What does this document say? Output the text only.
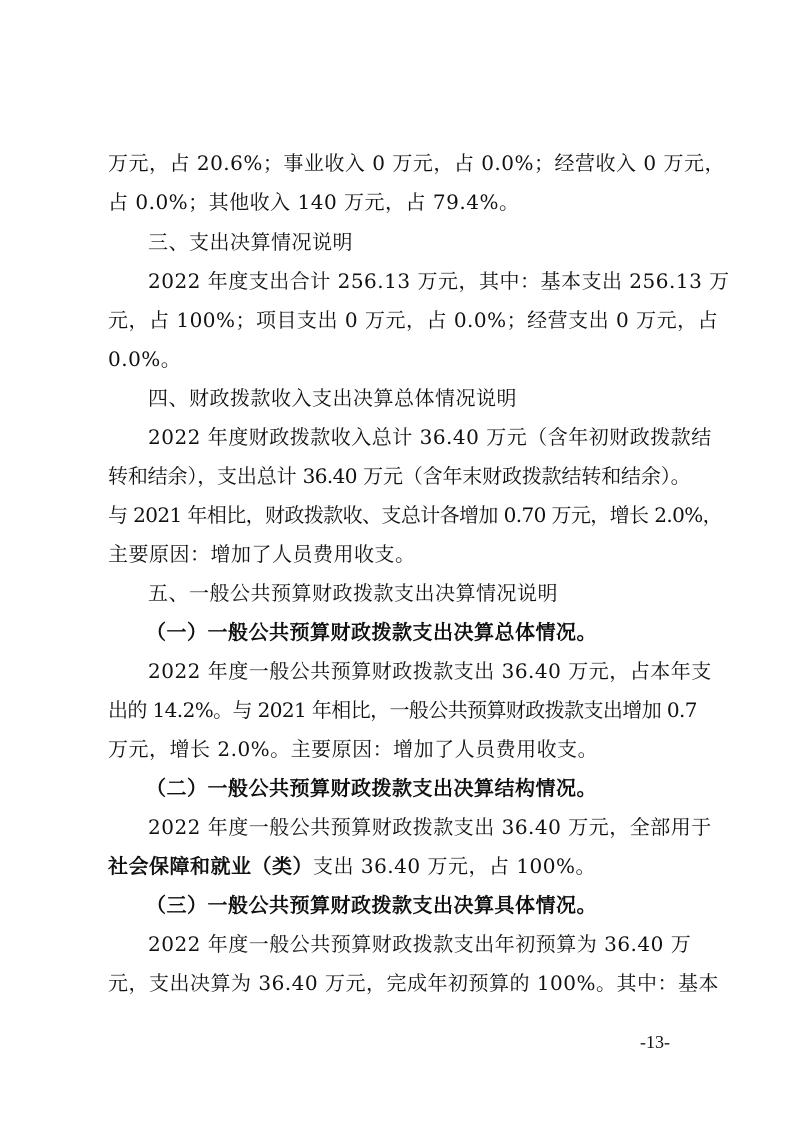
万元，占 20.6%；事业收入 0 万元，占 0.0%；经营收入 0 万元，
占 0.0%；其他收入 140 万元，占 79.4%。
三、支出决算情况说明
2022 年度支出合计 256.13 万元，其中：基本支出 256.13 万
元，占 100%；项目支出 0 万元，占 0.0%；经营支出 0 万元，占
0.0%。
四、财政拨款收入支出决算总体情况说明
2022 年度财政拨款收入总计 36.40 万元（含年初财政拨款结
转和结余），支出总计 36.40 万元（含年末财政拨款结转和结余）。
与 2021 年相比，财政拨款收、支总计各增加 0.70 万元，增长 2.0%，
主要原因：增加了人员费用收支。
五、一般公共预算财政拨款支出决算情况说明
（一）一般公共预算财政拨款支出决算总体情况。
2022 年度一般公共预算财政拨款支出 36.40 万元，占本年支
出的 14.2%。与 2021 年相比，一般公共预算财政拨款支出增加 0.7
万元，增长 2.0%。主要原因：增加了人员费用收支。
（二）一般公共预算财政拨款支出决算结构情况。
2022 年度一般公共预算财政拨款支出 36.40 万元，全部用于
社会保障和就业（类）支出 36.40 万元，占 100%。
（三）一般公共预算财政拨款支出决算具体情况。
2022 年度一般公共预算财政拨款支出年初预算为 36.40 万
元，支出决算为 36.40 万元，完成年初预算的 100%。其中：基本
-13-
